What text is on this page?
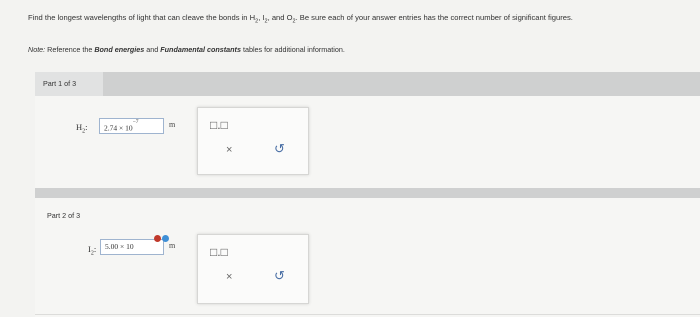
Find the longest wavelengths of light that can cleave the bonds in $H_2$, $I_2$, and $O_2$. Be sure each of your answer entries has the correct number of significant figures.
Note: Reference the Bond energies and Fundamental constants tables for additional information.
Part 1 of 3
$H_2$:	$2.74 \times 10^{-7}$	m	□.□
×	↺
Part 2 of 3
$I_2$:	5.00 × 10	m	□.□
×	↺
